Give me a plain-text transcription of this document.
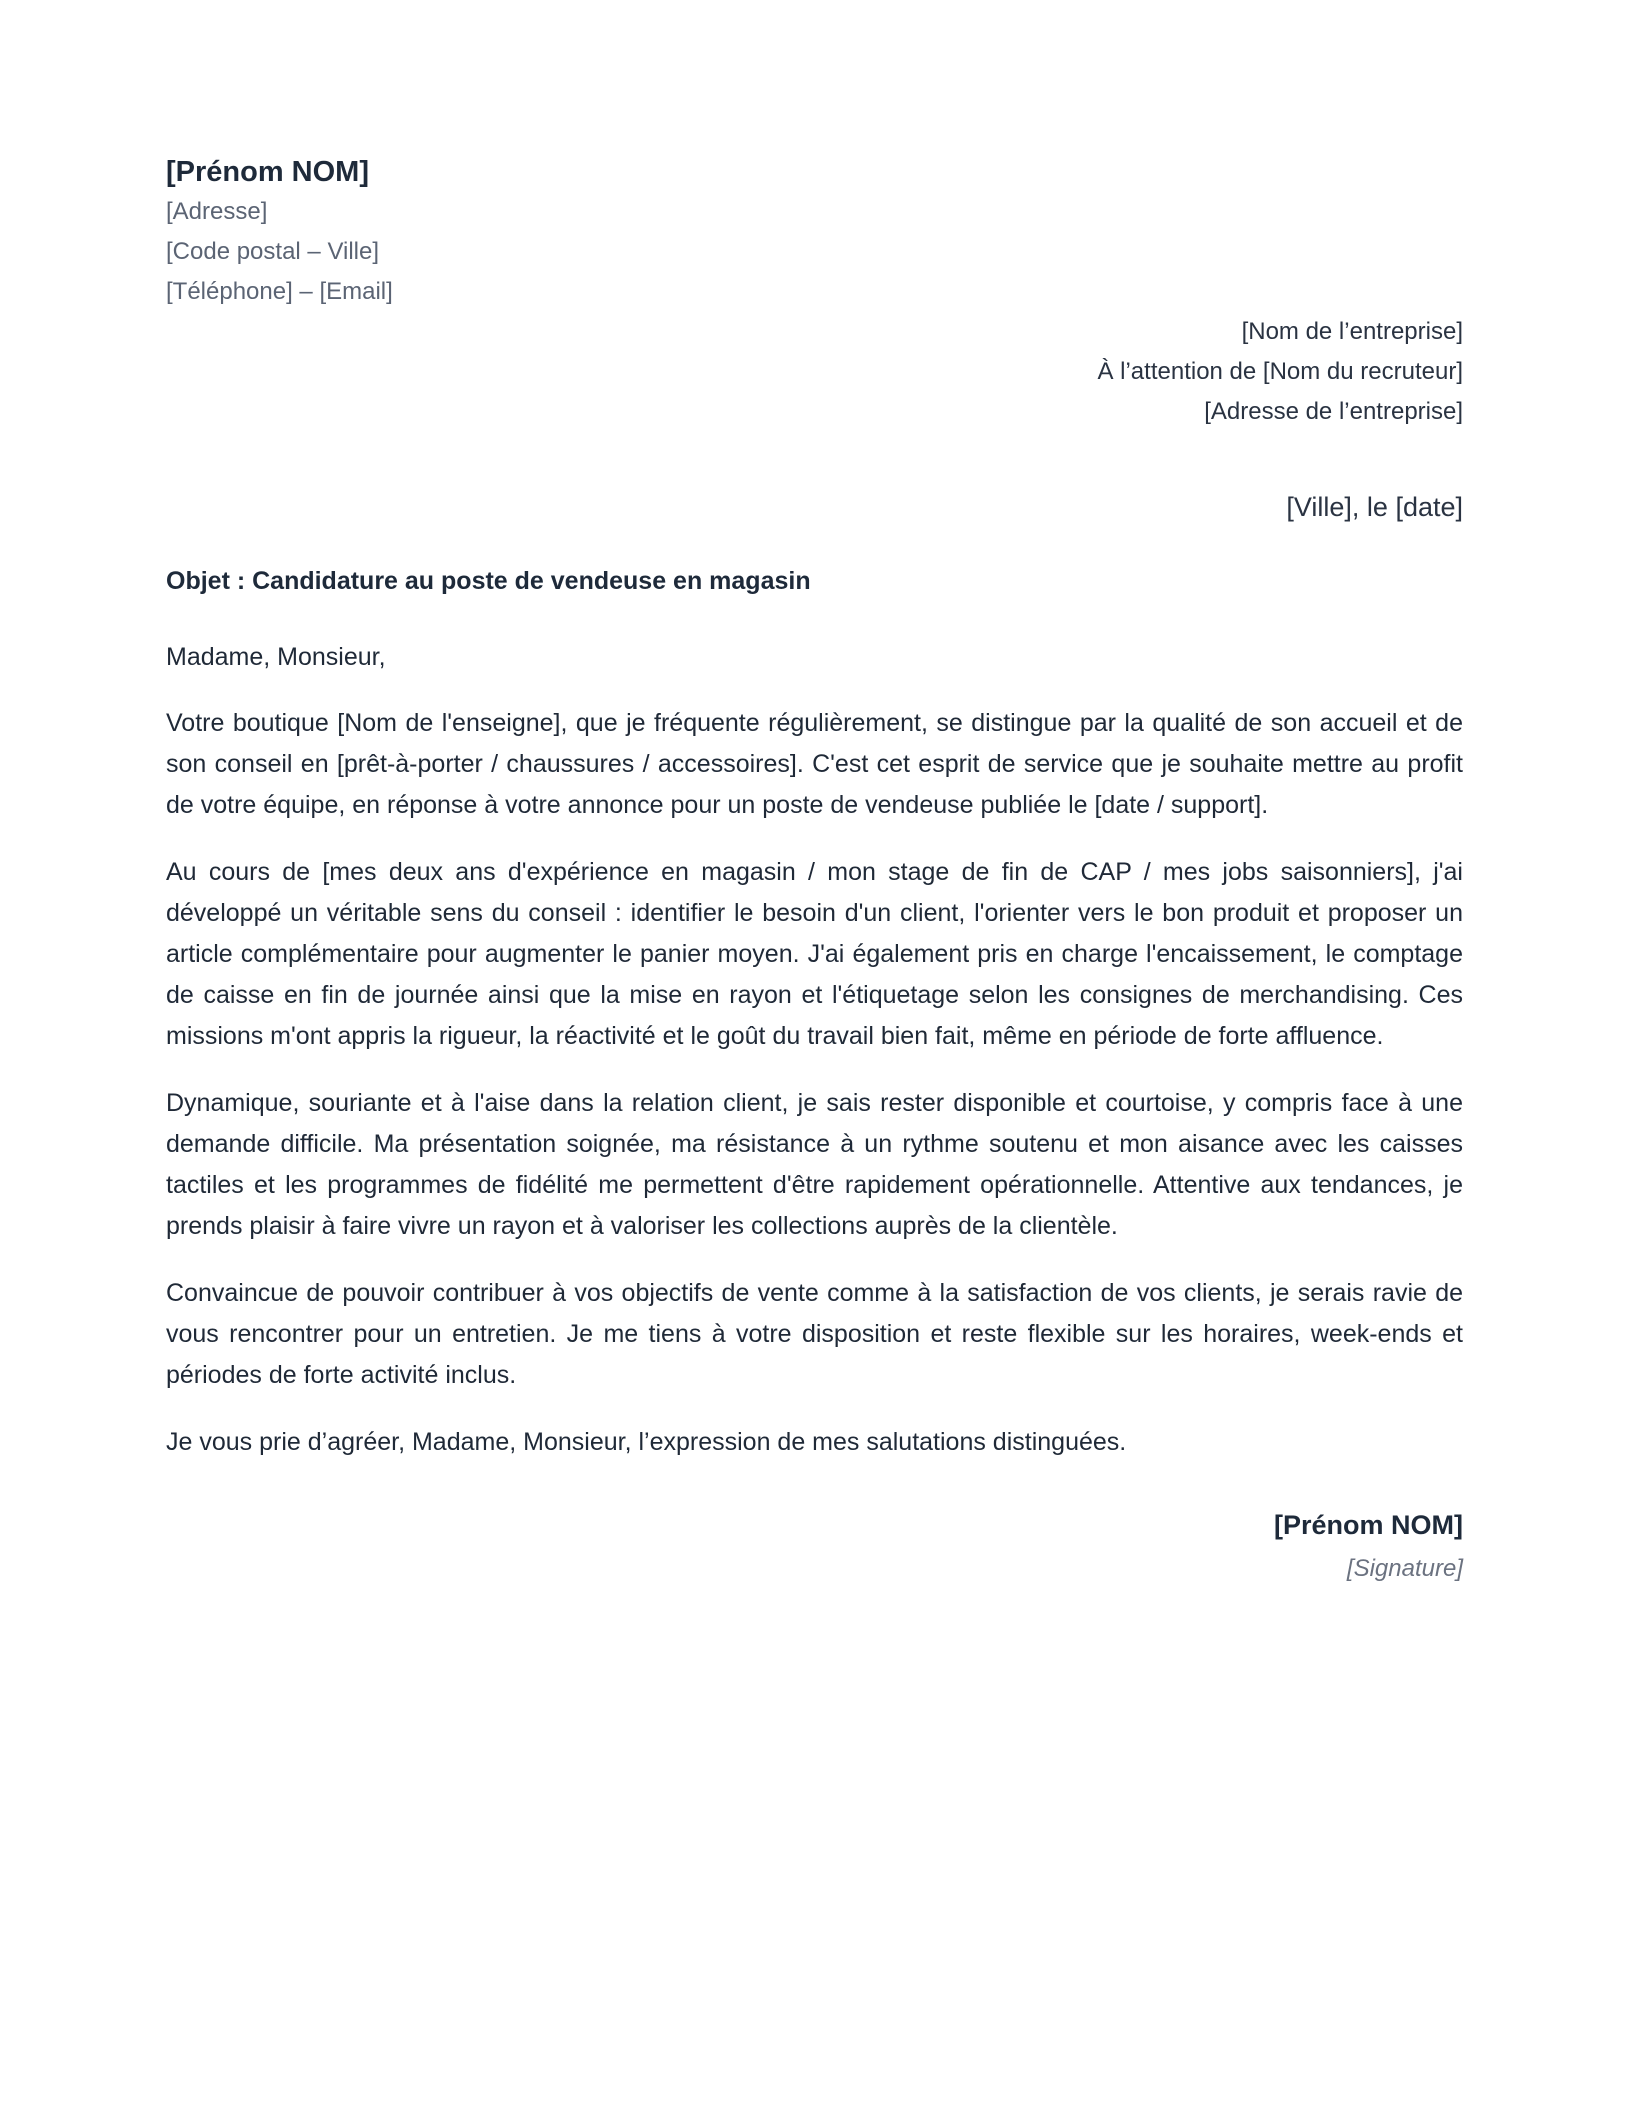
[Prénom NOM]

[Adresse]

[Code postal – Ville]

[Téléphone] – [Email]

[Nom de l’entreprise]

À l’attention de [Nom du recruteur]

[Adresse de l’entreprise]

[Ville], le [date]

Objet : Candidature au poste de vendeuse en magasin

Madame, Monsieur,

Votre boutique [Nom de l'enseigne], que je fréquente régulièrement, se distingue par la qualité de son accueil et de son conseil en [prêt-à-porter / chaussures / accessoires]. C'est cet esprit de service que je souhaite mettre au profit de votre équipe, en réponse à votre annonce pour un poste de vendeuse publiée le [date / support].

Au cours de [mes deux ans d'expérience en magasin / mon stage de fin de CAP / mes jobs saisonniers], j'ai développé un véritable sens du conseil : identifier le besoin d'un client, l'orienter vers le bon produit et proposer un article complémentaire pour augmenter le panier moyen. J'ai également pris en charge l'encaissement, le comptage de caisse en fin de journée ainsi que la mise en rayon et l'étiquetage selon les consignes de merchandising. Ces missions m'ont appris la rigueur, la réactivité et le goût du travail bien fait, même en période de forte affluence.

Dynamique, souriante et à l'aise dans la relation client, je sais rester disponible et courtoise, y compris face à une demande difficile. Ma présentation soignée, ma résistance à un rythme soutenu et mon aisance avec les caisses tactiles et les programmes de fidélité me permettent d'être rapidement opérationnelle. Attentive aux tendances, je prends plaisir à faire vivre un rayon et à valoriser les collections auprès de la clientèle.

Convaincue de pouvoir contribuer à vos objectifs de vente comme à la satisfaction de vos clients, je serais ravie de vous rencontrer pour un entretien. Je me tiens à votre disposition et reste flexible sur les horaires, week-ends et périodes de forte activité inclus.

Je vous prie d’agréer, Madame, Monsieur, l’expression de mes salutations distinguées.

[Prénom NOM]

[Signature]
